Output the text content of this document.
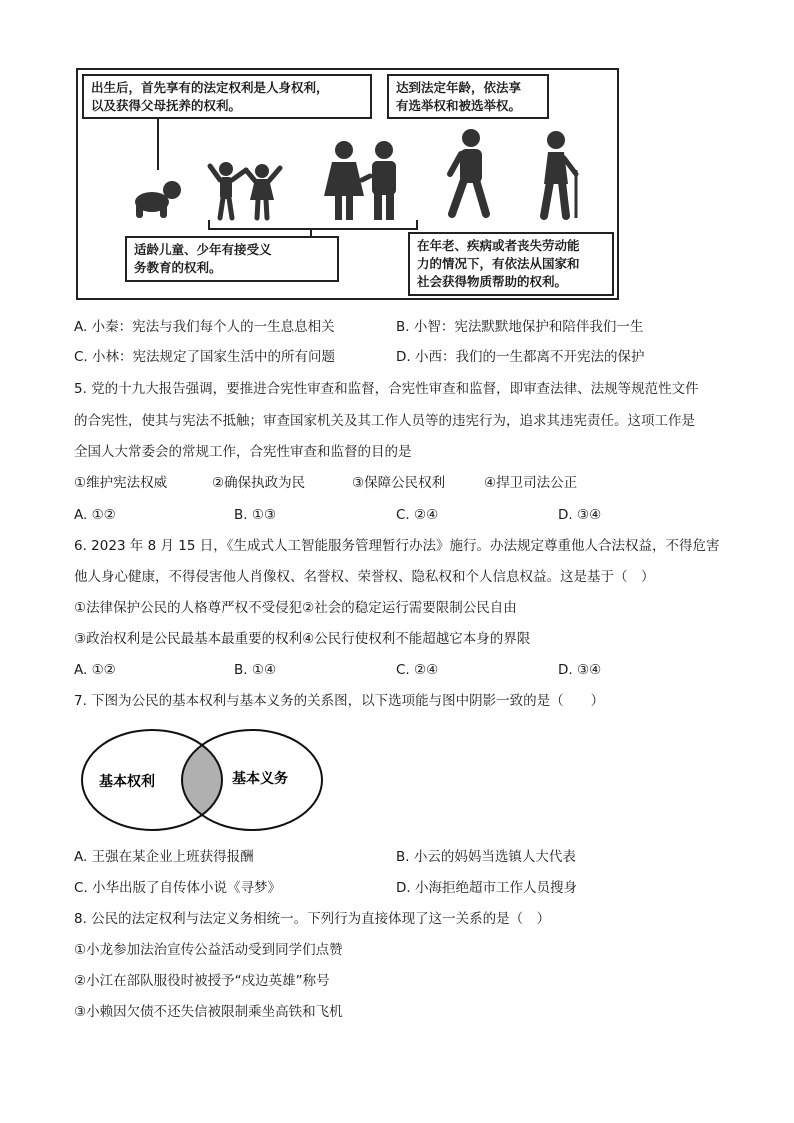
出生后，首先享有的法定权利是人身权利，
以及获得父母抚养的权利。
达到法定年龄，依法享
有选举权和被选举权。
适龄儿童、少年有接受义
务教育的权利。
在年老、疾病或者丧失劳动能
力的情况下，有依法从国家和
社会获得物质帮助的权利。
A. 小秦：宪法与我们每个人的一生息息相关	B. 小智：宪法默默地保护和陪伴我们一生
C. 小林：宪法规定了国家生活中的所有问题	D. 小西：我们的一生都离不开宪法的保护
5. 党的十九大报告强调，要推进合宪性审查和监督，合宪性审查和监督，即审查法律、法规等规范性文件
的合宪性，使其与宪法不抵触；审查国家机关及其工作人员等的违宪行为，追求其违宪责任。这项工作是
全国人大常委会的常规工作，合宪性审查和监督的目的是
①维护宪法权威	②确保执政为民	③保障公民权利	④捍卫司法公正
A. ①②	B. ①③	C. ②④	D. ③④
6. 2023 年 8 月 15 日，《生成式人工智能服务管理暂行办法》施行。办法规定尊重他人合法权益，不得危害
他人身心健康，不得侵害他人肖像权、名誉权、荣誉权、隐私权和个人信息权益。这是基于（　）
①法律保护公民的人格尊严权不受侵犯②社会的稳定运行需要限制公民自由
③政治权利是公民最基本最重要的权利④公民行使权利不能超越它本身的界限
A. ①②	B. ①④	C. ②④	D. ③④
7. 下图为公民的基本权利与基本义务的关系图，以下选项能与图中阴影一致的是（　　）
基本权利	基本义务
A. 王强在某企业上班获得报酬	B. 小云的妈妈当选镇人大代表
C. 小华出版了自传体小说《寻梦》	D. 小海拒绝超市工作人员搜身
8. 公民的法定权利与法定义务相统一。下列行为直接体现了这一关系的是（　）
①小龙参加法治宣传公益活动受到同学们点赞
②小江在部队服役时被授予“戍边英雄”称号
③小赖因欠债不还失信被限制乘坐高铁和飞机
